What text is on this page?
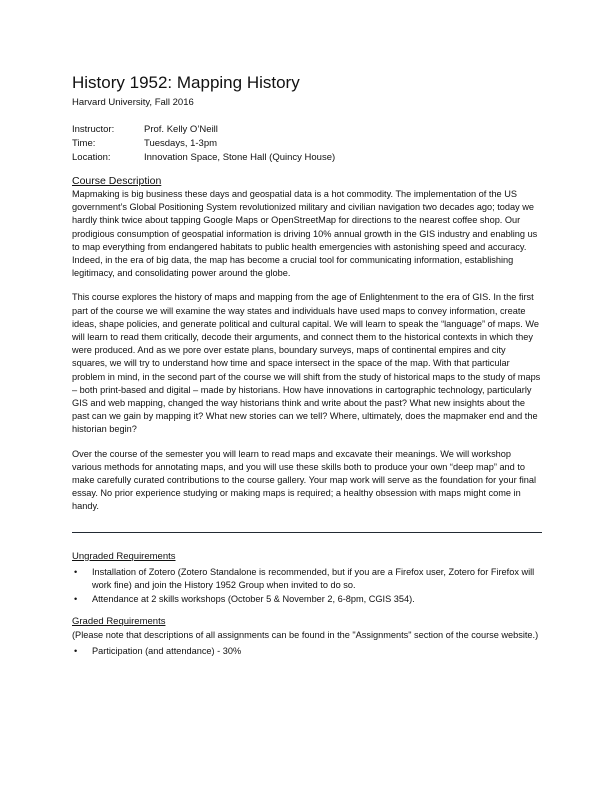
History 1952: Mapping History
Harvard University, Fall 2016
Instructor:	Prof. Kelly O’Neill
Time:	Tuesdays, 1-3pm
Location:	Innovation Space, Stone Hall (Quincy House)
Course Description

Mapmaking is big business these days and geospatial data is a hot commodity. The implementation of the US government’s Global Positioning System revolutionized military and civilian navigation two decades ago; today we hardly think twice about tapping Google Maps or OpenStreetMap for directions to the nearest coffee shop. Our prodigious consumption of geospatial information is driving 10% annual growth in the GIS industry and enabling us to map everything from endangered habitats to public health emergencies with astonishing speed and accuracy. Indeed, in the era of big data, the map has become a crucial tool for communicating information, establishing legitimacy, and consolidating power around the globe.

This course explores the history of maps and mapping from the age of Enlightenment to the era of GIS. In the first part of the course we will examine the way states and individuals have used maps to convey information, create ideas, shape policies, and generate political and cultural capital. We will learn to speak the “language” of maps. We will learn to read them critically, decode their arguments, and connect them to the historical contexts in which they were produced. And as we pore over estate plans, boundary surveys, maps of continental empires and city squares, we will try to understand how time and space intersect in the space of the map. With that particular problem in mind, in the second part of the course we will shift from the study of historical maps to the study of maps – both print-based and digital – made by historians. How have innovations in cartographic technology, particularly GIS and web mapping, changed the way historians think and write about the past? What new insights about the past can we gain by mapping it? What new stories can we tell? Where, ultimately, does the mapmaker end and the historian begin?

Over the course of the semester you will learn to read maps and excavate their meanings. We will workshop various methods for annotating maps, and you will use these skills both to produce your own “deep map” and to make carefully curated contributions to the course gallery. Your map work will serve as the foundation for your final essay. No prior experience studying or making maps is required; a healthy obsession with maps might come in handy.

Ungraded Requirements
•	Installation of Zotero (Zotero Standalone is recommended, but if you are a Firefox user, Zotero for Firefox will work fine) and join the History 1952 Group when invited to do so.
•	Attendance at 2 skills workshops (October 5 & November 2, 6-8pm, CGIS 354).
Graded Requirements
(Please note that descriptions of all assignments can be found in the "Assignments" section of the course website.)
•	Participation (and attendance) - 30%
